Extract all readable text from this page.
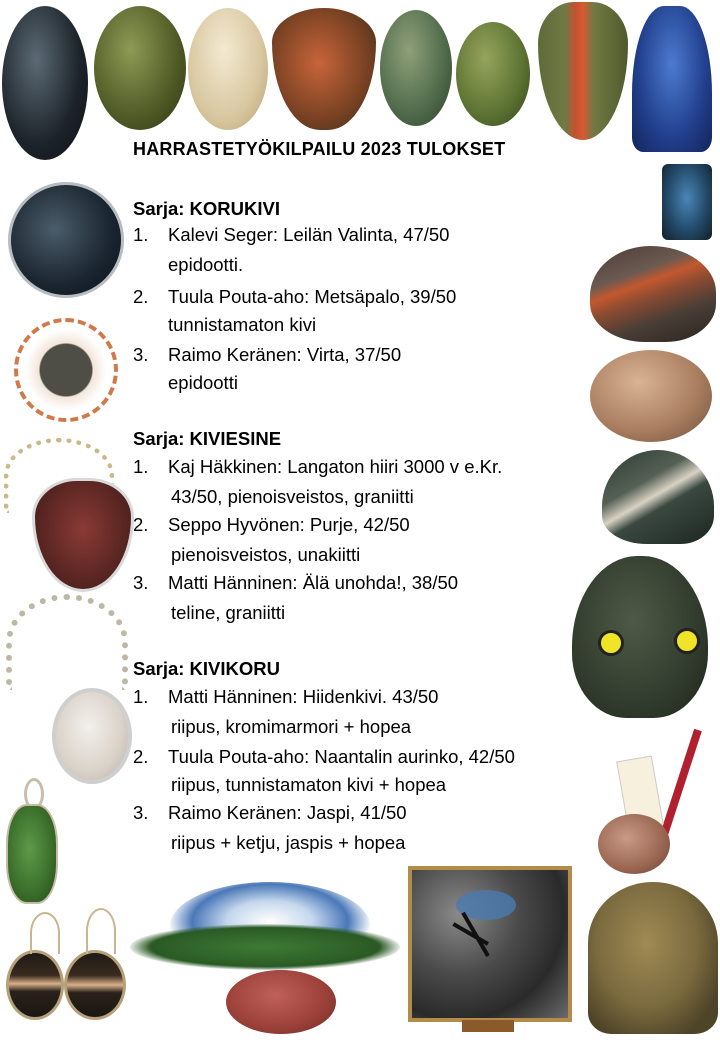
HARRASTETYÖKILPAILU 2023 TULOKSET
Sarja: KORUKIVI
1. Kalevi Seger: Leilän Valinta, 47/50
epidootti.
2. Tuula Pouta-aho: Metsäpalo, 39/50
tunnistamaton kivi
3. Raimo Keränen: Virta, 37/50
epidootti
Sarja: KIVIESINE
1. Kaj Häkkinen: Langaton hiiri 3000 v e.Kr.
43/50, pienoisveistos, graniitti
2. Seppo Hyvönen: Purje, 42/50
pienoisveistos, unakiitti
3. Matti Hänninen: Älä unohda!, 38/50
teline, graniitti
Sarja: KIVIKORU
1. Matti Hänninen: Hiidenkivi. 43/50
riipus, kromimarmori + hopea
2. Tuula Pouta-aho: Naantalin aurinko, 42/50
riipus, tunnistamaton kivi + hopea
3. Raimo Keränen: Jaspi, 41/50
riipus + ketju, jaspis + hopea
